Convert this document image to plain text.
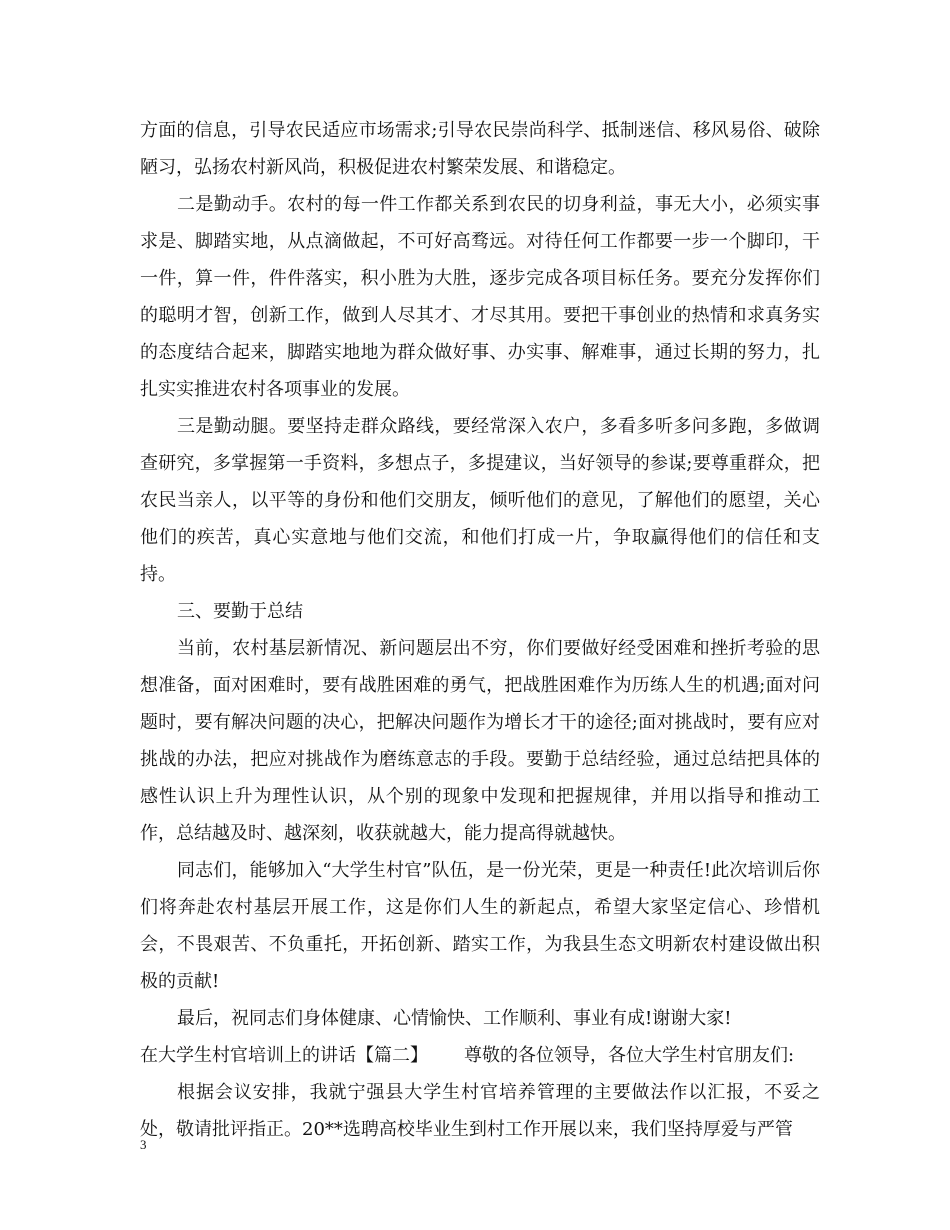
方面的信息，引导农民适应市场需求;引导农民崇尚科学、抵制迷信、移风易俗、破除陋习，弘扬农村新风尚，积极促进农村繁荣发展、和谐稳定。

二是勤动手。农村的每一件工作都关系到农民的切身利益，事无大小，必须实事求是、脚踏实地，从点滴做起，不可好高骛远。对待任何工作都要一步一个脚印，干一件，算一件，件件落实，积小胜为大胜，逐步完成各项目标任务。要充分发挥你们的聪明才智，创新工作，做到人尽其才、才尽其用。要把干事创业的热情和求真务实的态度结合起来，脚踏实地地为群众做好事、办实事、解难事，通过长期的努力，扎扎实实推进农村各项事业的发展。

三是勤动腿。要坚持走群众路线，要经常深入农户，多看多听多问多跑，多做调查研究，多掌握第一手资料，多想点子，多提建议，当好领导的参谋;要尊重群众，把农民当亲人，以平等的身份和他们交朋友，倾听他们的意见，了解他们的愿望，关心他们的疾苦，真心实意地与他们交流，和他们打成一片，争取赢得他们的信任和支持。

三、要勤于总结

当前，农村基层新情况、新问题层出不穷，你们要做好经受困难和挫折考验的思想准备，面对困难时，要有战胜困难的勇气，把战胜困难作为历练人生的机遇;面对问题时，要有解决问题的决心，把解决问题作为增长才干的途径;面对挑战时，要有应对挑战的办法，把应对挑战作为磨练意志的手段。要勤于总结经验，通过总结把具体的感性认识上升为理性认识，从个别的现象中发现和把握规律，并用以指导和推动工作，总结越及时、越深刻，收获就越大，能力提高得就越快。

同志们，能够加入“大学生村官”队伍，是一份光荣，更是一种责任!此次培训后你们将奔赴农村基层开展工作，这是你们人生的新起点，希望大家坚定信心、珍惜机会，不畏艰苦、不负重托，开拓创新、踏实工作，为我县生态文明新农村建设做出积极的贡献!

最后，祝同志们身体健康、心情愉快、工作顺利、事业有成!谢谢大家!

在大学生村官培训上的讲话【篇二】 尊敬的各位领导，各位大学生村官朋友们:

根据会议安排，我就宁强县大学生村官培养管理的主要做法作以汇报，不妥之处，敬请批评指正。20**选聘高校毕业生到村工作开展以来，我们坚持厚爱与严管

3
